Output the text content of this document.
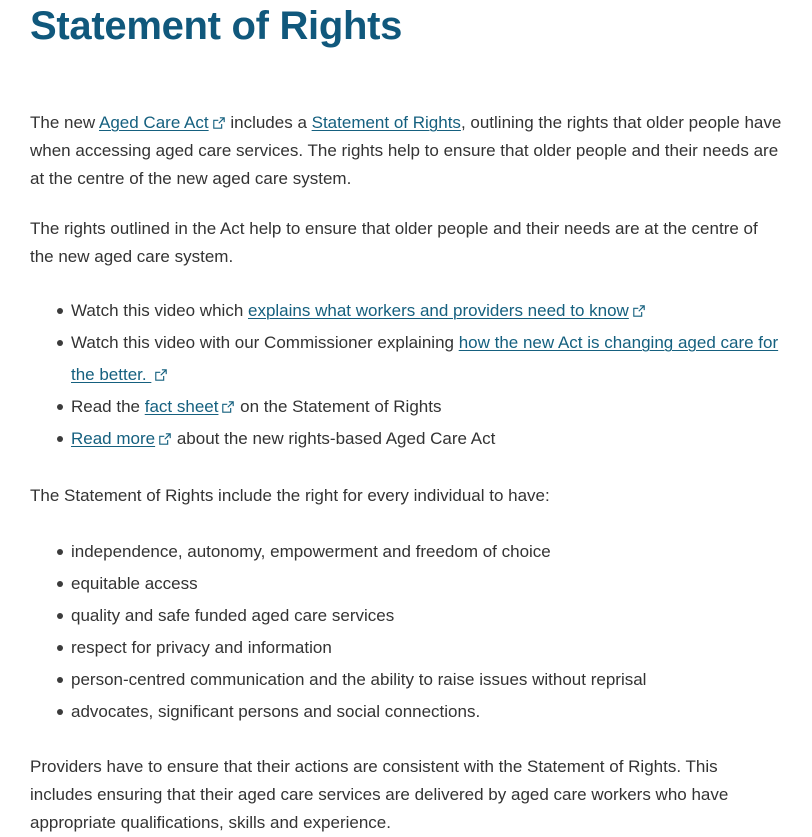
Statement of Rights

The new Aged Care Act
includes a Statement of Rights, outlining the rights that older people have when accessing aged care services. The rights help to ensure that older people and their needs are at the centre of the new aged care system.

The rights outlined in the Act help to ensure that older people and their needs are at the centre of the new aged care system.

Watch this video which explains what workers and providers need to know
Watch this video with our Commissioner explaining how the new Act is changing aged care for the better.
Read the fact sheet
on the Statement of Rights
Read more
about the new rights-based Aged Care Act

The Statement of Rights include the right for every individual to have:

independence, autonomy, empowerment and freedom of choice
equitable access
quality and safe funded aged care services
respect for privacy and information
person-centred communication and the ability to raise issues without reprisal
advocates, significant persons and social connections.

Providers have to ensure that their actions are consistent with the Statement of Rights. This includes ensuring that their aged care services are delivered by aged care workers who have appropriate qualifications, skills and experience.
